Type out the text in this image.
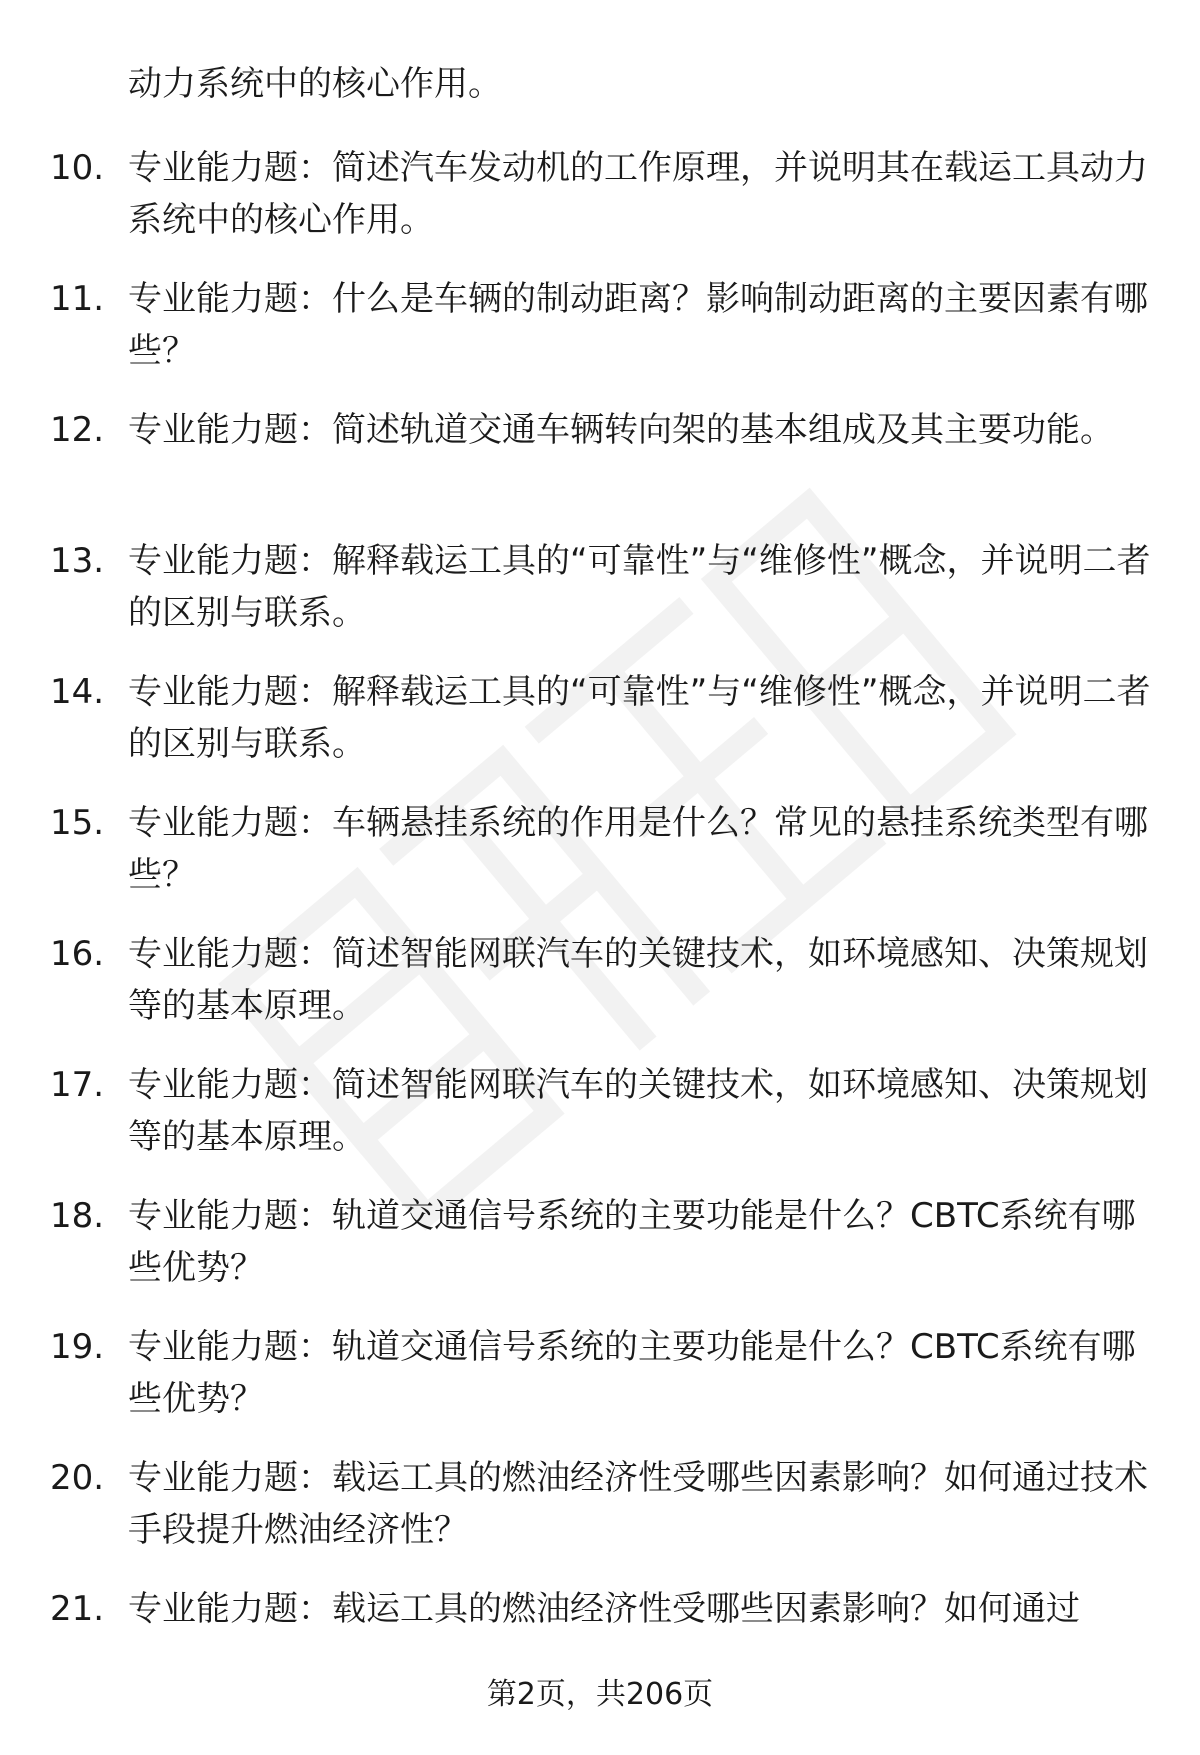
动力系统中的核心作用。

10. 专业能力题：简述汽车发动机的工作原理，并说明其在载运工具动力系统中的核心作用。

11. 专业能力题：什么是车辆的制动距离？影响制动距离的主要因素有哪些？

12. 专业能力题：简述轨道交通车辆转向架的基本组成及其主要功能。

13. 专业能力题：解释载运工具的“可靠性”与“维修性”概念，并说明二者的区别与联系。

14. 专业能力题：解释载运工具的“可靠性”与“维修性”概念，并说明二者的区别与联系。

15. 专业能力题：车辆悬挂系统的作用是什么？常见的悬挂系统类型有哪些？

16. 专业能力题：简述智能网联汽车的关键技术，如环境感知、决策规划等的基本原理。

17. 专业能力题：简述智能网联汽车的关键技术，如环境感知、决策规划等的基本原理。

18. 专业能力题：轨道交通信号系统的主要功能是什么？CBTC系统有哪些优势？

19. 专业能力题：轨道交通信号系统的主要功能是什么？CBTC系统有哪些优势？

20. 专业能力题：载运工具的燃油经济性受哪些因素影响？如何通过技术手段提升燃油经济性？

21. 专业能力题：载运工具的燃油经济性受哪些因素影响？如何通过

第2页，共206页
